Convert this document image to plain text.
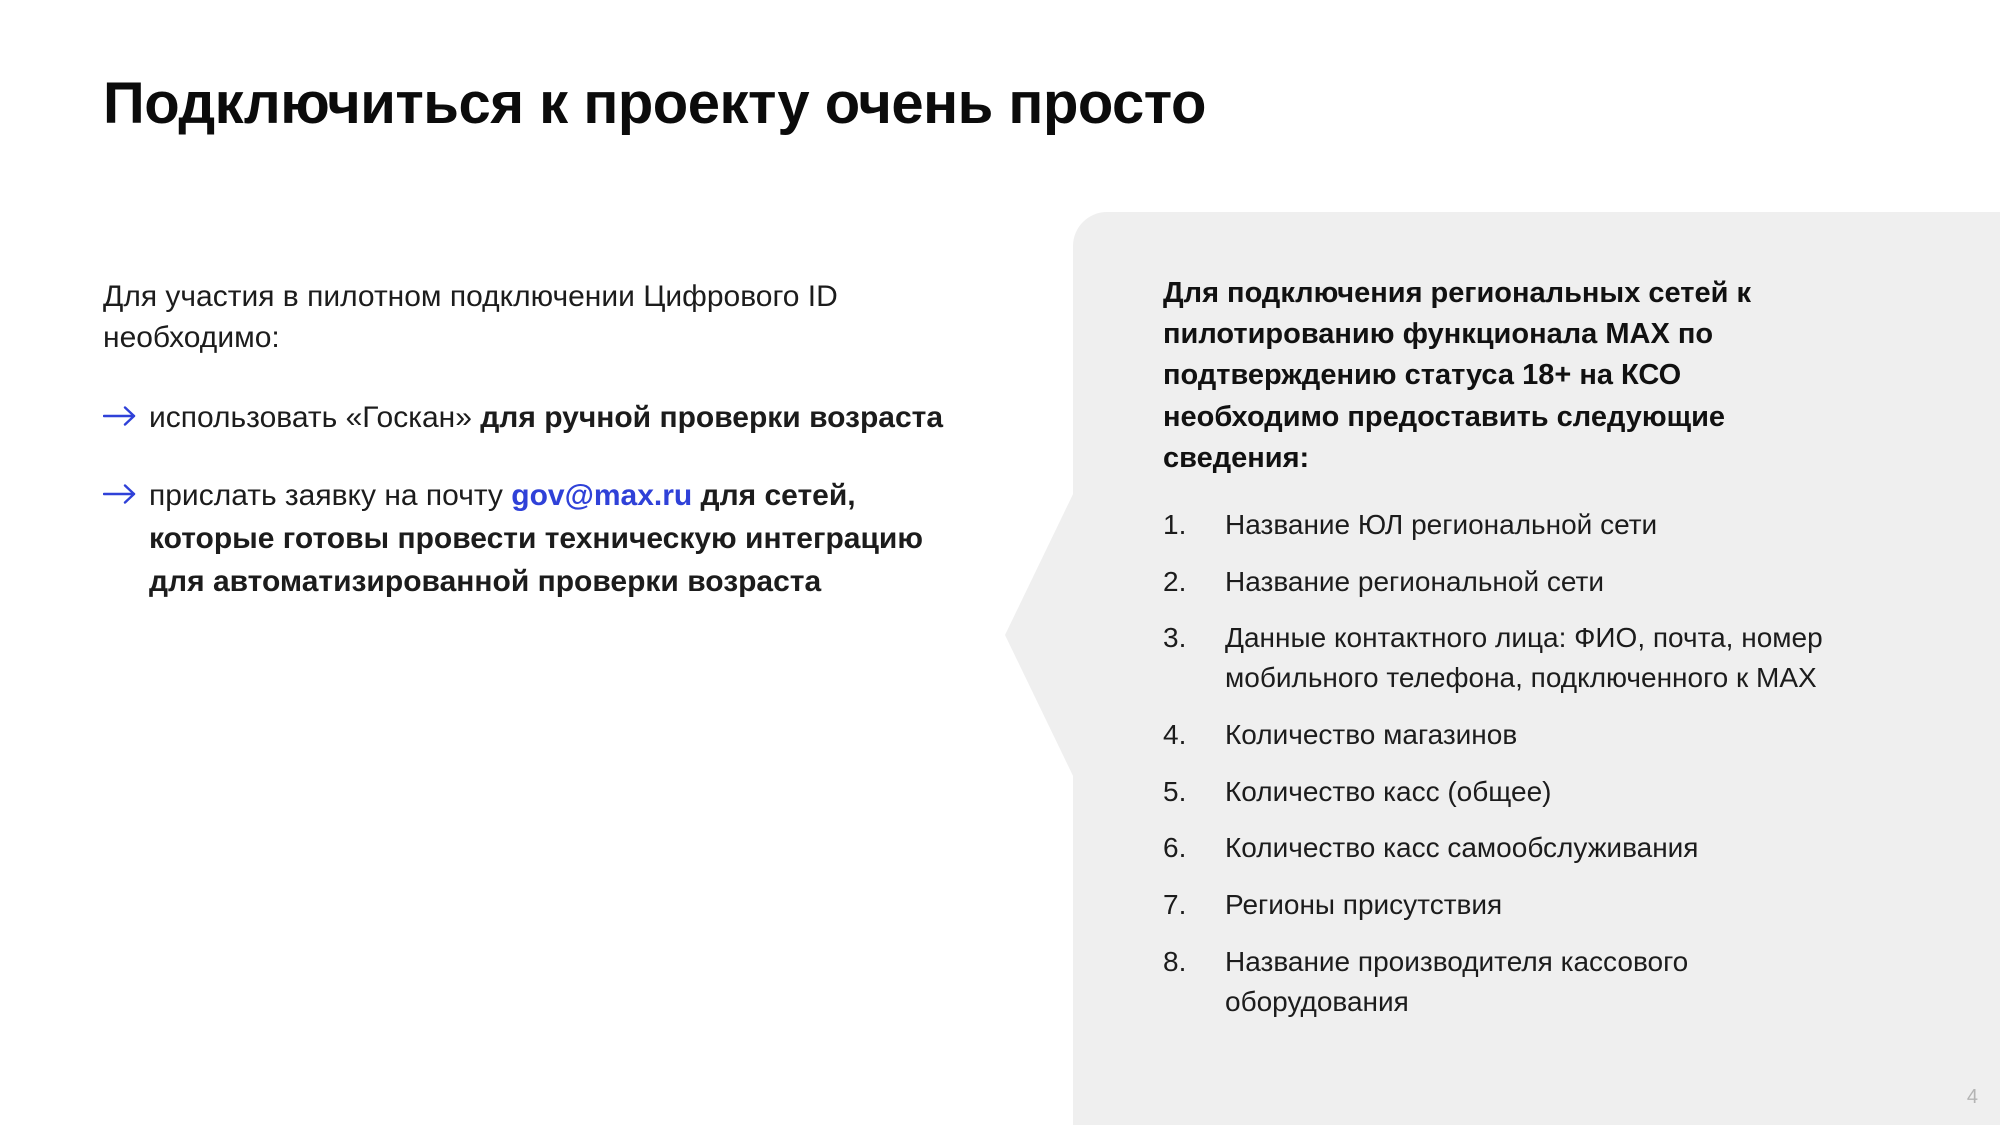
Подключиться к проекту очень просто
Для участия в пилотном подключении Цифрового ID необходимо:
использовать «Госкан» для ручной проверки возраста
прислать заявку на почту gov@max.ru для сетей, которые готовы провести техническую интеграцию для автоматизированной проверки возраста
Для подключения региональных сетей к пилотированию функционала MAX по подтверждению статуса 18+ на КСО необходимо предоставить следующие сведения:
Название ЮЛ региональной сети
Название региональной сети
Данные контактного лица: ФИО, почта, номер мобильного телефона, подключенного к MAX
Количество магазинов
Количество касс (общее)
Количество касс самообслуживания
Регионы присутствия
Название производителя кассового оборудования
4
